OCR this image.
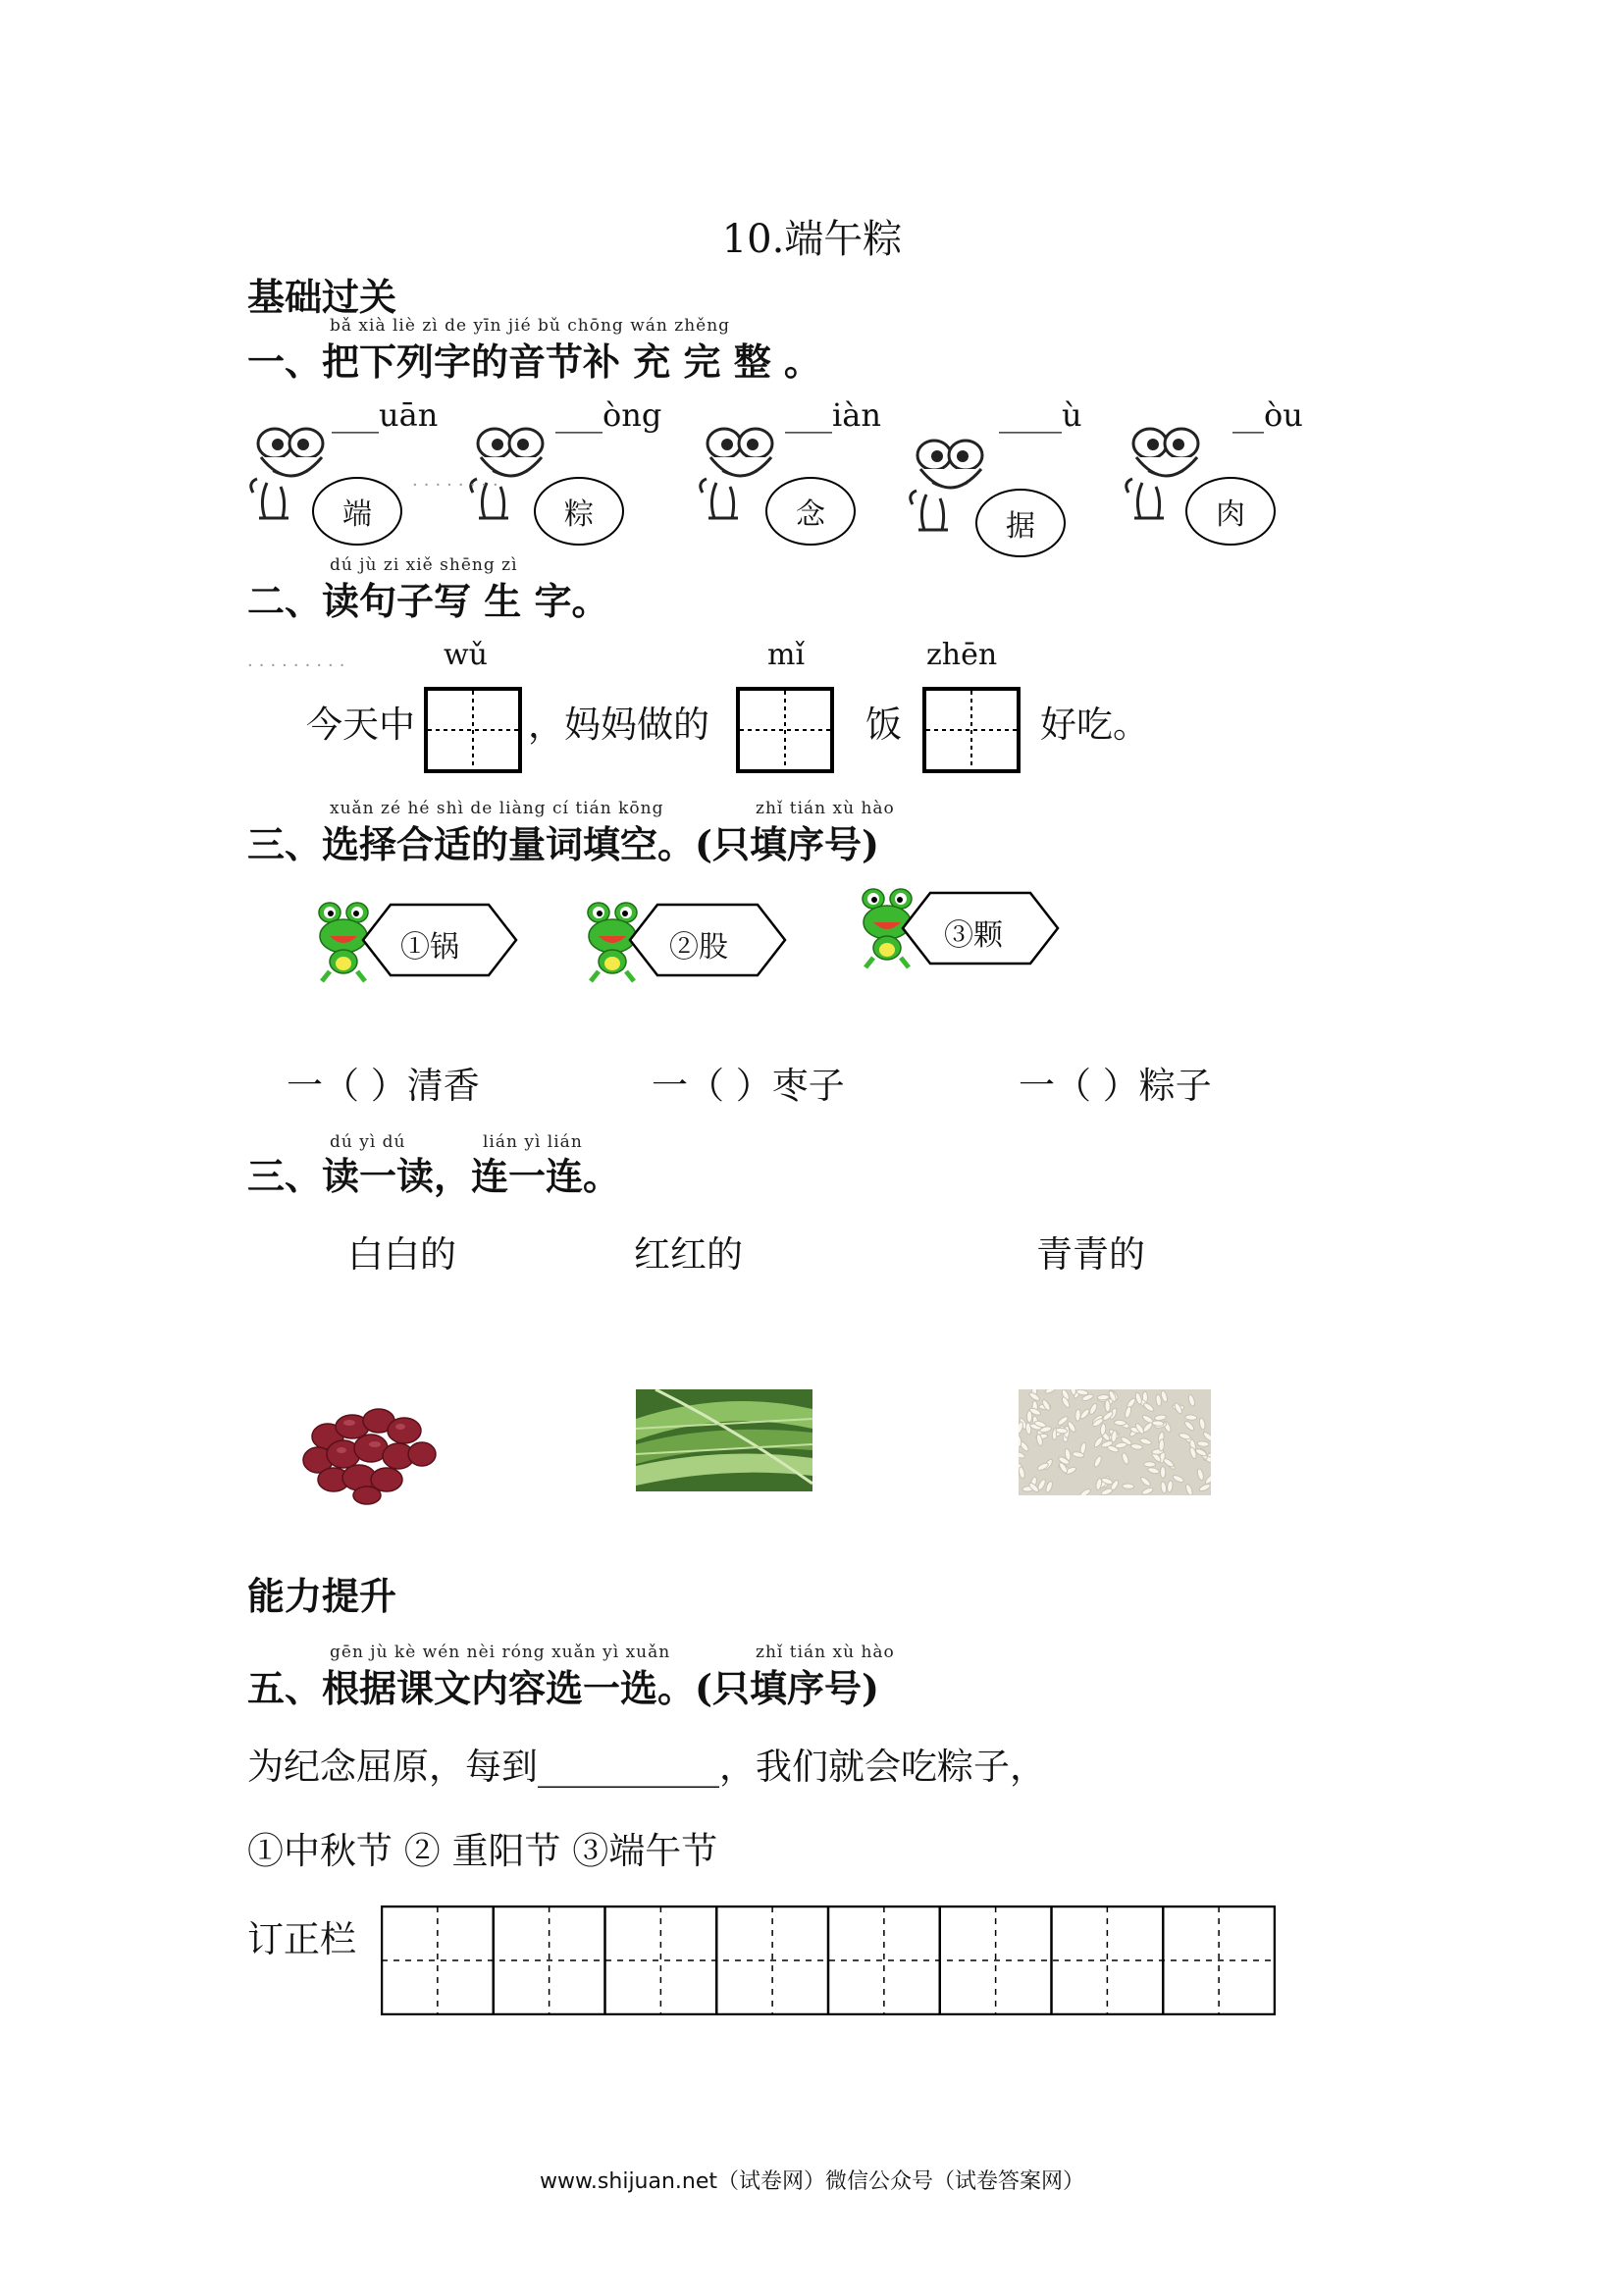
10.端午粽
基础过关
bǎ xià liè zì de yīn jié bǔ chōng wán zhěng
一、把下列字的音节补 充 完 整 。
___uān	___òng	___iàn	____ù	__òu
········
端	粽	念	据	肉
dú jù zi xiě shēng zì
二、读句子写 生 字。
·········	wǔ	mǐ	zhēn
今天中	，妈妈做的	饭	好吃。
xuǎn zé hé shì de liàng cí tián kōng	zhǐ tián xù hào
三、选择合适的量词填空。(只填序号)
①锅	②股	③颗
一（ ）清香	一（ ）枣子	一（ ）粽子
dú yì dú	lián yì lián
三、读一读，连一连。
白白的	红红的	青青的
能力提升
gēn jù kè wén nèi róng xuǎn yì xuǎn	zhǐ tián xù hào
五、根据课文内容选一选。(只填序号)
为纪念屈原，每到__________，我们就会吃粽子，
①中秋节 ② 重阳节 ③端午节
订正栏
www.shijuan.net（试卷网）微信公众号（试卷答案网）
